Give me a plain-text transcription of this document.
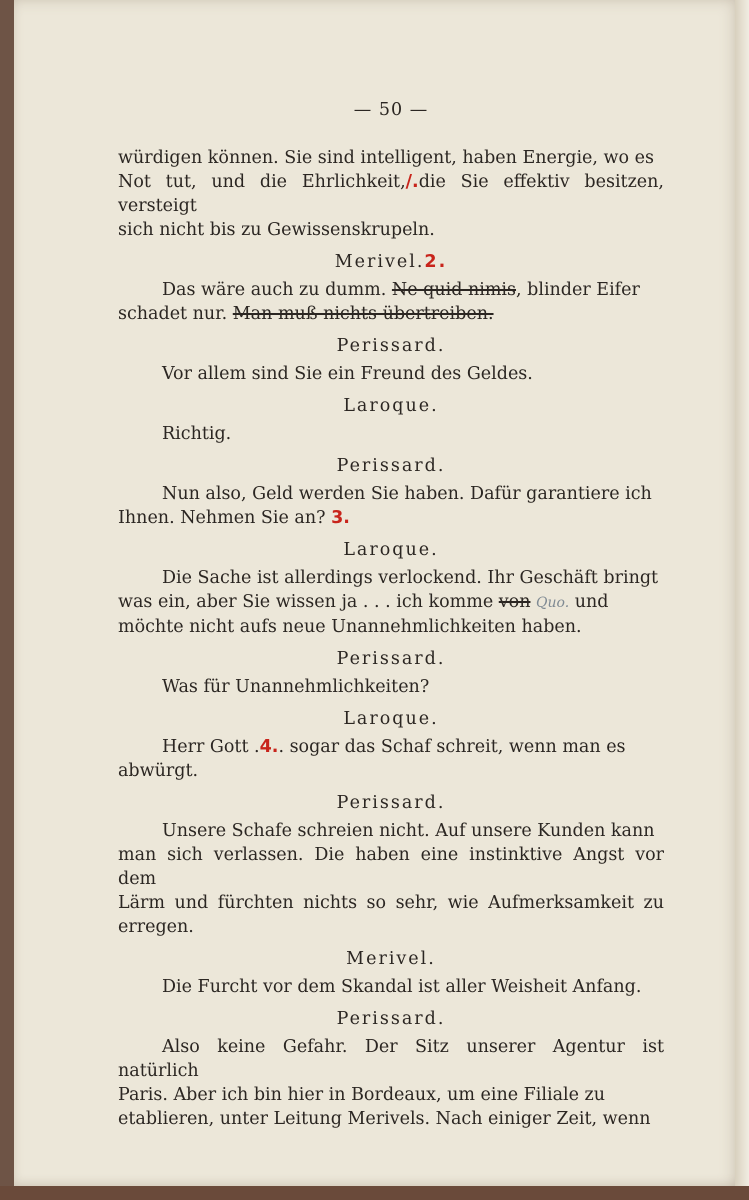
— 50 —

würdigen können. Sie sind intelligent, haben Energie, wo es
Not tut, und die Ehrlichkeit,/.die Sie effektiv besitzen, versteigt
sich nicht bis zu Gewissenskrupeln.

Merivel.2.

Das wäre auch zu dumm. Ne quid nimis, blinder Eifer
schadet nur. Man muß nichts übertreiben.

Perissard.

Vor allem sind Sie ein Freund des Geldes.

Laroque.

Richtig.

Perissard.

Nun also, Geld werden Sie haben. Dafür garantiere ich
Ihnen. Nehmen Sie an? 3.

Laroque.

Die Sache ist allerdings verlockend. Ihr Geschäft bringt
was ein, aber Sie wissen ja . . . ich komme von Quo. und
möchte nicht aufs neue Unannehmlichkeiten haben.

Perissard.

Was für Unannehmlichkeiten?

Laroque.

Herr Gott .4.. sogar das Schaf schreit, wenn man es
abwürgt.

Perissard.

Unsere Schafe schreien nicht. Auf unsere Kunden kann
man sich verlassen. Die haben eine instinktive Angst vor dem
Lärm und fürchten nichts so sehr, wie Aufmerksamkeit zu erregen.

Merivel.

Die Furcht vor dem Skandal ist aller Weisheit Anfang.

Perissard.

Also keine Gefahr. Der Sitz unserer Agentur ist natürlich
Paris. Aber ich bin hier in Bordeaux, um eine Filiale zu
etablieren, unter Leitung Merivels. Nach einiger Zeit, wenn
